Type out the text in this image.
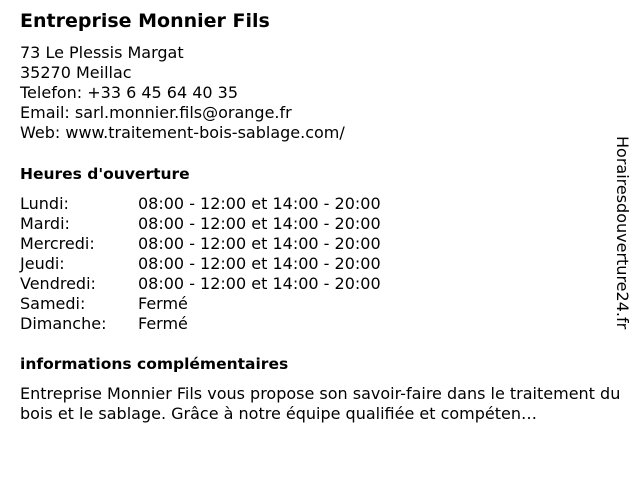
Entreprise Monnier Fils
73 Le Plessis Margat
35270 Meillac
Telefon: +33 6 45 64 40 35
Email: sarl.monnier.fils@orange.fr
Web: www.traitement-bois-sablage.com/
Heures d'ouverture
Lundi:	08:00 - 12:00 et 14:00 - 20:00
Mardi:	08:00 - 12:00 et 14:00 - 20:00
Mercredi:	08:00 - 12:00 et 14:00 - 20:00
Jeudi:	08:00 - 12:00 et 14:00 - 20:00
Vendredi:	08:00 - 12:00 et 14:00 - 20:00
Samedi:	Fermé
Dimanche:	Fermé
informations complémentaires
Entreprise Monnier Fils vous propose son savoir-faire dans le traitement du bois et le sablage. Grâce à notre équipe qualifiée et compéten…
Horairesdouverture24.fr
